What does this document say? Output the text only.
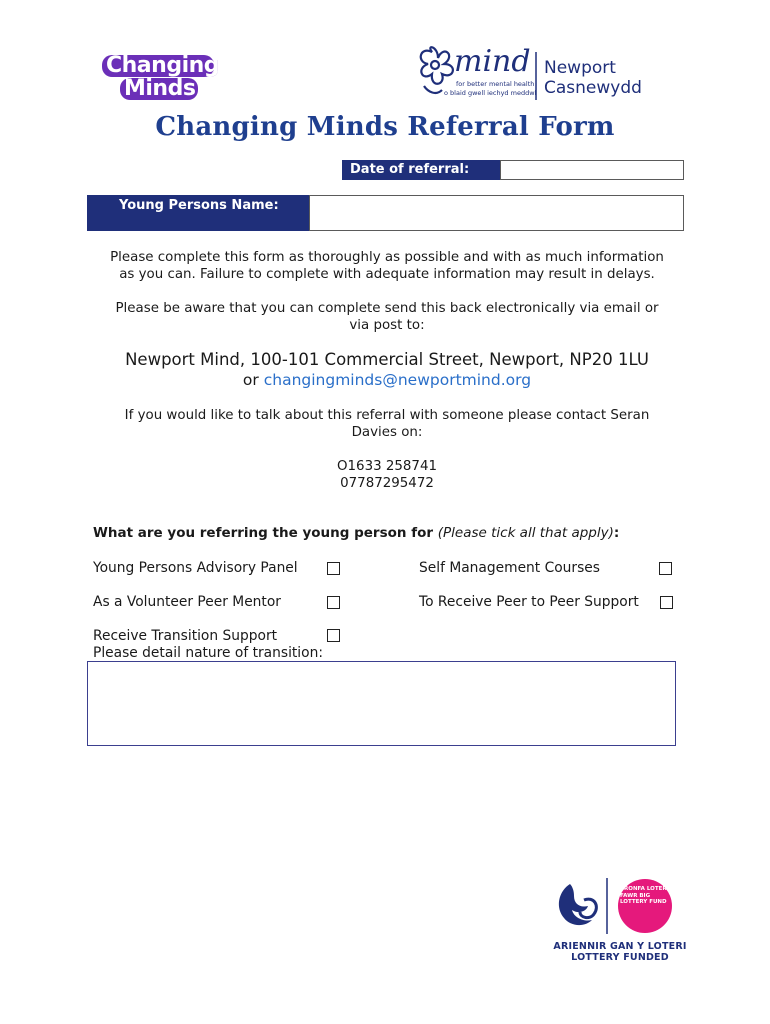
Changing
Minds
mind
for better mental health
o blaid gwell iechyd meddwl
Newport
Casnewydd
Changing Minds Referral Form
Date of referral:
Young Persons Name:
Please complete this form as thoroughly as possible and with as much information
as you can. Failure to complete with adequate information may result in delays.
Please be aware that you can complete send this back electronically via email or
via post to:
Newport Mind, 100-101 Commercial Street, Newport, NP20 1LU
or changingminds@newportmind.org
If you would like to talk about this referral with someone please contact Seran
Davies on:
O1633 258741
07787295472
What are you referring the young person for (Please tick all that apply):
Young Persons Advisory Panel	Self Management Courses
As a Volunteer Peer Mentor	To Receive Peer to Peer Support
Receive Transition Support
Please detail nature of transition:
CRONFA LOTERI FAWR BIG LOTTERY FUND
ARIENNIR GAN Y LOTERI
LOTTERY FUNDED
